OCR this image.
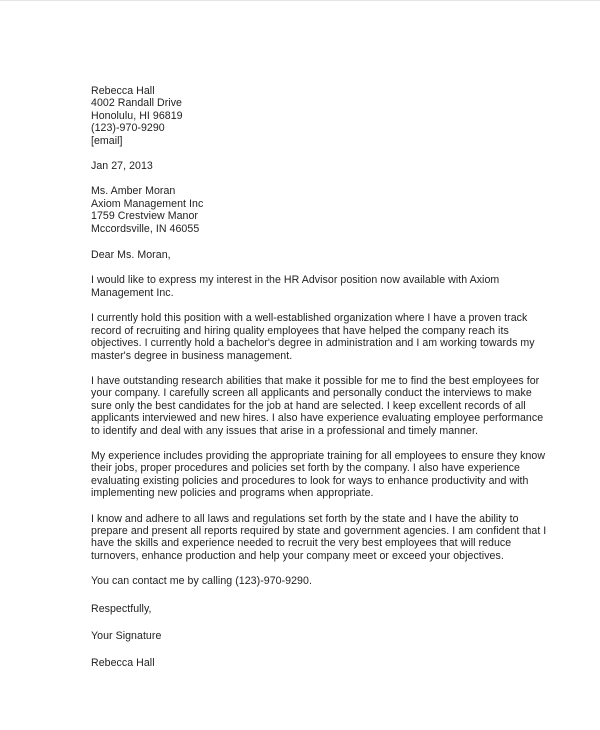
Rebecca Hall
4002 Randall Drive
Honolulu, HI 96819
(123)-970-9290
[email]
Jan 27, 2013
Ms. Amber Moran
Axiom Management Inc
1759 Crestview Manor
Mccordsville, IN 46055
Dear Ms. Moran,
I would like to express my interest in the HR Advisor position now available with Axiom
Management Inc.
I currently hold this position with a well-established organization where I have a proven track
record of recruiting and hiring quality employees that have helped the company reach its
objectives. I currently hold a bachelor's degree in administration and I am working towards my
master's degree in business management.
I have outstanding research abilities that make it possible for me to find the best employees for
your company. I carefully screen all applicants and personally conduct the interviews to make
sure only the best candidates for the job at hand are selected. I keep excellent records of all
applicants interviewed and new hires. I also have experience evaluating employee performance
to identify and deal with any issues that arise in a professional and timely manner.
My experience includes providing the appropriate training for all employees to ensure they know
their jobs, proper procedures and policies set forth by the company. I also have experience
evaluating existing policies and procedures to look for ways to enhance productivity and with
implementing new policies and programs when appropriate.
I know and adhere to all laws and regulations set forth by the state and I have the ability to
prepare and present all reports required by state and government agencies. I am confident that I
have the skills and experience needed to recruit the very best employees that will reduce
turnovers, enhance production and help your company meet or exceed your objectives.
You can contact me by calling (123)-970-9290.
Respectfully,
Your Signature
Rebecca Hall
